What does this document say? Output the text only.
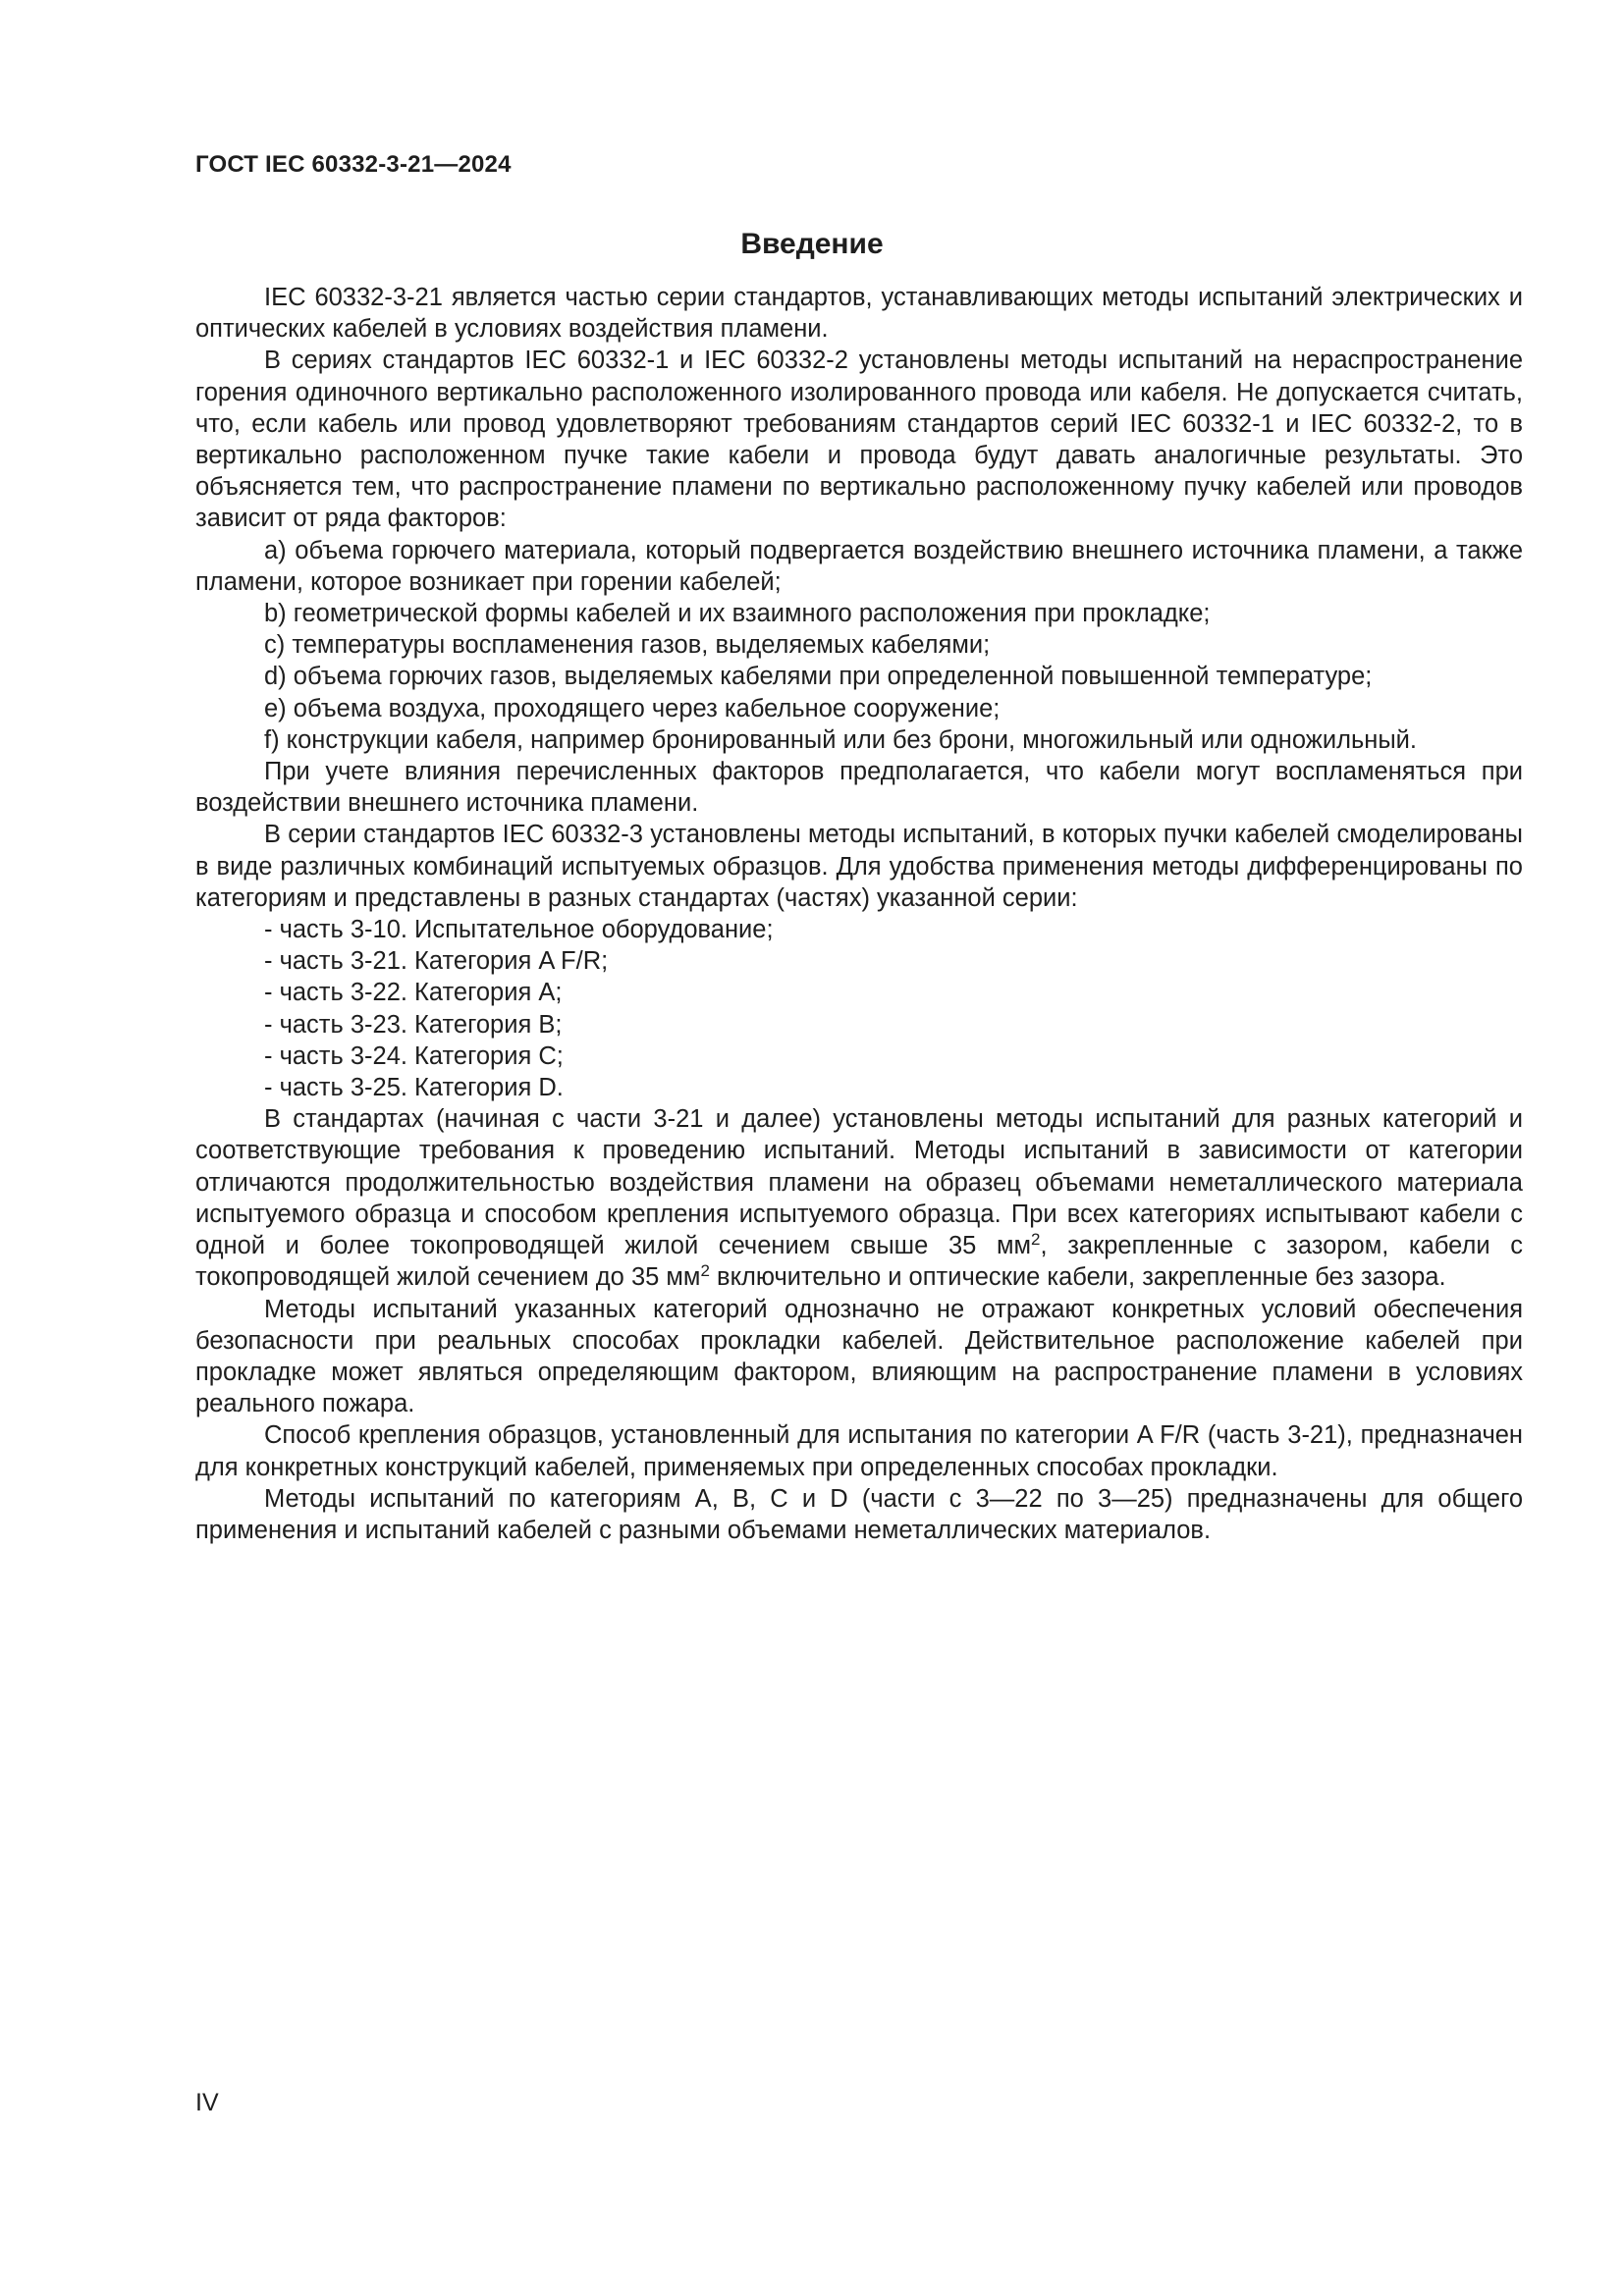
ГОСТ IEC 60332-3-21—2024
Введение

IEC 60332-3-21 является частью серии стандартов, устанавливающих методы испытаний электрических и оптических кабелей в условиях воздействия пламени.

В сериях стандартов IEC 60332-1 и IEC 60332-2 установлены методы испытаний на нераспространение горения одиночного вертикально расположенного изолированного провода или кабеля. Не допускается считать, что, если кабель или провод удовлетворяют требованиям стандартов серий IEC 60332-1 и IEC 60332-2, то в вертикально расположенном пучке такие кабели и провода будут давать аналогичные результаты. Это объясняется тем, что распространение пламени по вертикально расположенному пучку кабелей или проводов зависит от ряда факторов:

a) объема горючего материала, который подвергается воздействию внешнего источника пламени, а также пламени, которое возникает при горении кабелей;

b) геометрической формы кабелей и их взаимного расположения при прокладке;

c) температуры воспламенения газов, выделяемых кабелями;

d) объема горючих газов, выделяемых кабелями при определенной повышенной температуре;

e) объема воздуха, проходящего через кабельное сооружение;

f) конструкции кабеля, например бронированный или без брони, многожильный или одножильный.

При учете влияния перечисленных факторов предполагается, что кабели могут воспламеняться при воздействии внешнего источника пламени.

В серии стандартов IEC 60332-3 установлены методы испытаний, в которых пучки кабелей смоделированы в виде различных комбинаций испытуемых образцов. Для удобства применения методы дифференцированы по категориям и представлены в разных стандартах (частях) указанной серии:

- часть 3-10. Испытательное оборудование;

- часть 3-21. Категория A F/R;

- часть 3-22. Категория A;

- часть 3-23. Категория B;

- часть 3-24. Категория C;

- часть 3-25. Категория D.

В стандартах (начиная с части 3-21 и далее) установлены методы испытаний для разных категорий и соответствующие требования к проведению испытаний. Методы испытаний в зависимости от категории отличаются продолжительностью воздействия пламени на образец объемами неметаллического материала испытуемого образца и способом крепления испытуемого образца. При всех категориях испытывают кабели с одной и более токопроводящей жилой сечением свыше 35 $мм^2$, закрепленные с зазором, кабели с токопроводящей жилой сечением до 35 $мм^2$ включительно и оптические кабели, закрепленные без зазора.

Методы испытаний указанных категорий однозначно не отражают конкретных условий обеспечения безопасности при реальных способах прокладки кабелей. Действительное расположение кабелей при прокладке может являться определяющим фактором, влияющим на распространение пламени в условиях реального пожара.

Способ крепления образцов, установленный для испытания по категории A F/R (часть 3-21), предназначен для конкретных конструкций кабелей, применяемых при определенных способах прокладки.

Методы испытаний по категориям A, B, C и D (части с 3—22 по 3—25) предназначены для общего применения и испытаний кабелей с разными объемами неметаллических материалов.

IV
